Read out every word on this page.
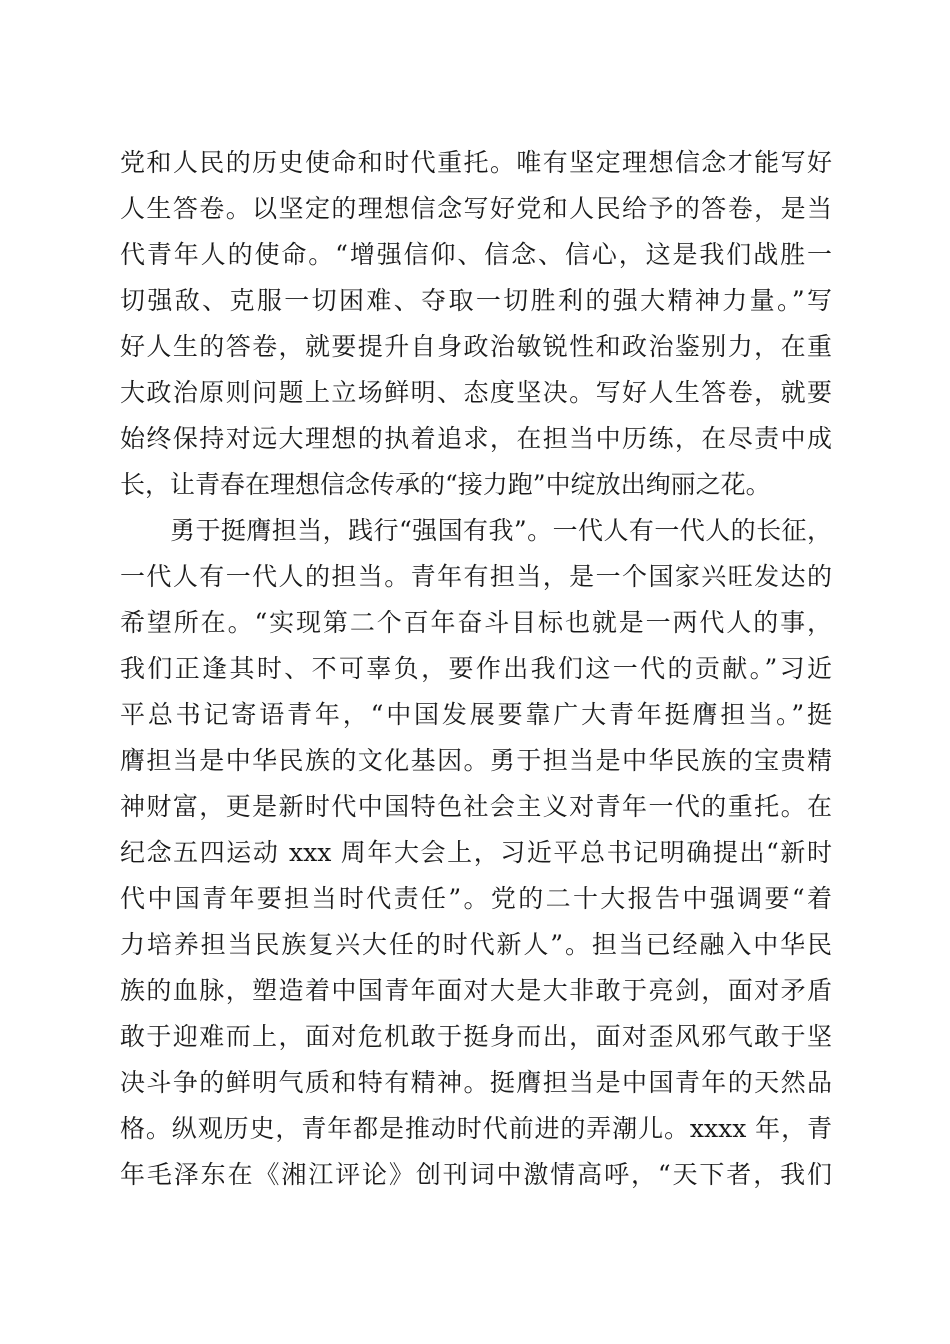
党和人民的历史使命和时代重托。唯有坚定理想信念才能写好
人生答卷。以坚定的理想信念写好党和人民给予的答卷，是当
代青年人的使命。“增强信仰、信念、信心，这是我们战胜一
切强敌、克服一切困难、夺取一切胜利的强大精神力量。”写
好人生的答卷，就要提升自身政治敏锐性和政治鉴别力，在重
大政治原则问题上立场鲜明、态度坚决。写好人生答卷，就要
始终保持对远大理想的执着追求，在担当中历练，在尽责中成
长，让青春在理想信念传承的“接力跑”中绽放出绚丽之花。
勇于挺膺担当，践行“强国有我”。一代人有一代人的长征，
一代人有一代人的担当。青年有担当，是一个国家兴旺发达的
希望所在。“实现第二个百年奋斗目标也就是一两代人的事，
我们正逢其时、不可辜负，要作出我们这一代的贡献。”习近
平总书记寄语青年，“中国发展要靠广大青年挺膺担当。”挺
膺担当是中华民族的文化基因。勇于担当是中华民族的宝贵精
神财富，更是新时代中国特色社会主义对青年一代的重托。在
纪念五四运动 xxx 周年大会上，习近平总书记明确提出“新时
代中国青年要担当时代责任”。党的二十大报告中强调要“着
力培养担当民族复兴大任的时代新人”。担当已经融入中华民
族的血脉，塑造着中国青年面对大是大非敢于亮剑，面对矛盾
敢于迎难而上，面对危机敢于挺身而出，面对歪风邪气敢于坚
决斗争的鲜明气质和特有精神。挺膺担当是中国青年的天然品
格。纵观历史，青年都是推动时代前进的弄潮儿。xxxx 年，青
年毛泽东在《湘江评论》创刊词中激情高呼，“天下者，我们
